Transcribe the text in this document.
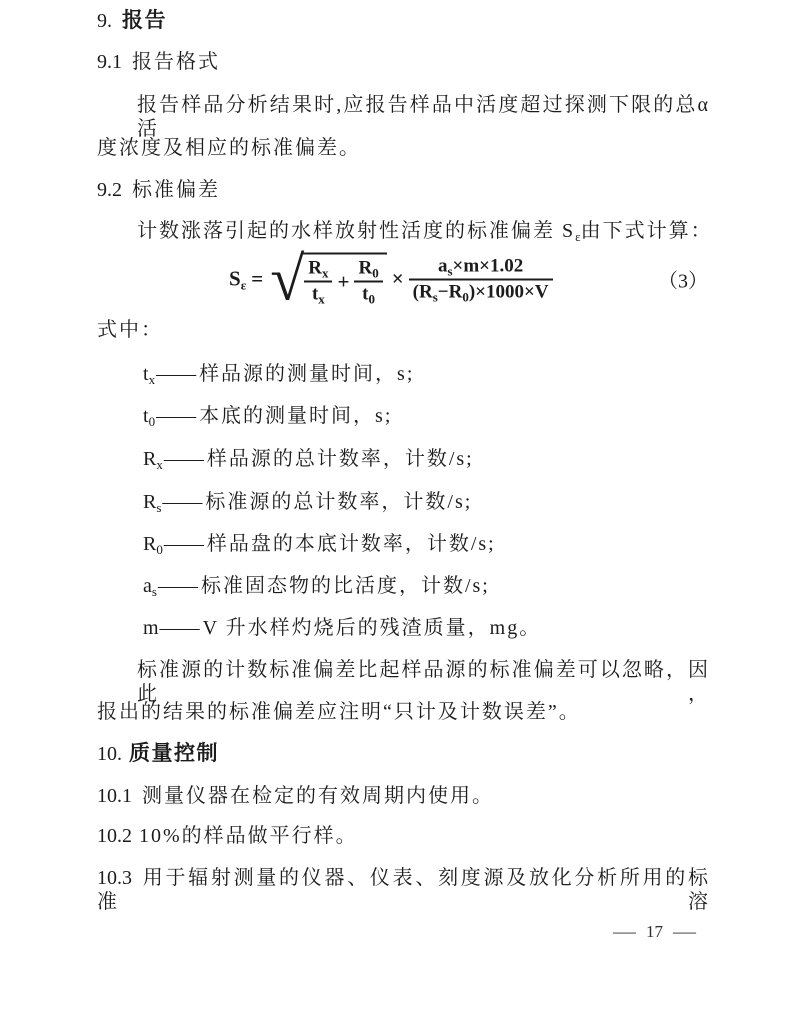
9. 报告
9.1 报告格式
报告样品分析结果时,应报告样品中活度超过探测下限的总α活
度浓度及相应的标准偏差。
9.2 标准偏差
计数涨落引起的水样放射性活度的标准偏差 $S_\varepsilon$由下式计算：
$S_\varepsilon$ = √ $\frac{R_x}{t_x} + \frac{R_0}{t_0} \times \frac{a_s\times m\times 1.02}{(R_s-R_0)\times 1000\times V}$	（3）
式中：
$t_x——$ 样品源的测量时间，s;
$t_0——$ 本底的测量时间，s;
$R_x——$ 样品源的总计数率，计数/s;
$R_s——$ 标准源的总计数率，计数/s;
$R_0——$ 样品盘的本底计数率，计数/s;
$a_s——$ 标准固态物的比活度，计数/s;
m—— V 升水样灼烧后的残渣质量，mg。
标准源的计数标准偏差比起样品源的标准偏差可以忽略，因此，
报出的结果的标准偏差应注明“只计及计数误差”。
10. 质量控制
10.1 测量仪器在检定的有效周期内使用。
10.2 10%的样品做平行样。
10.3 用于辐射测量的仪器、仪表、刻度源及放化分析所用的标准溶
— 17 —
